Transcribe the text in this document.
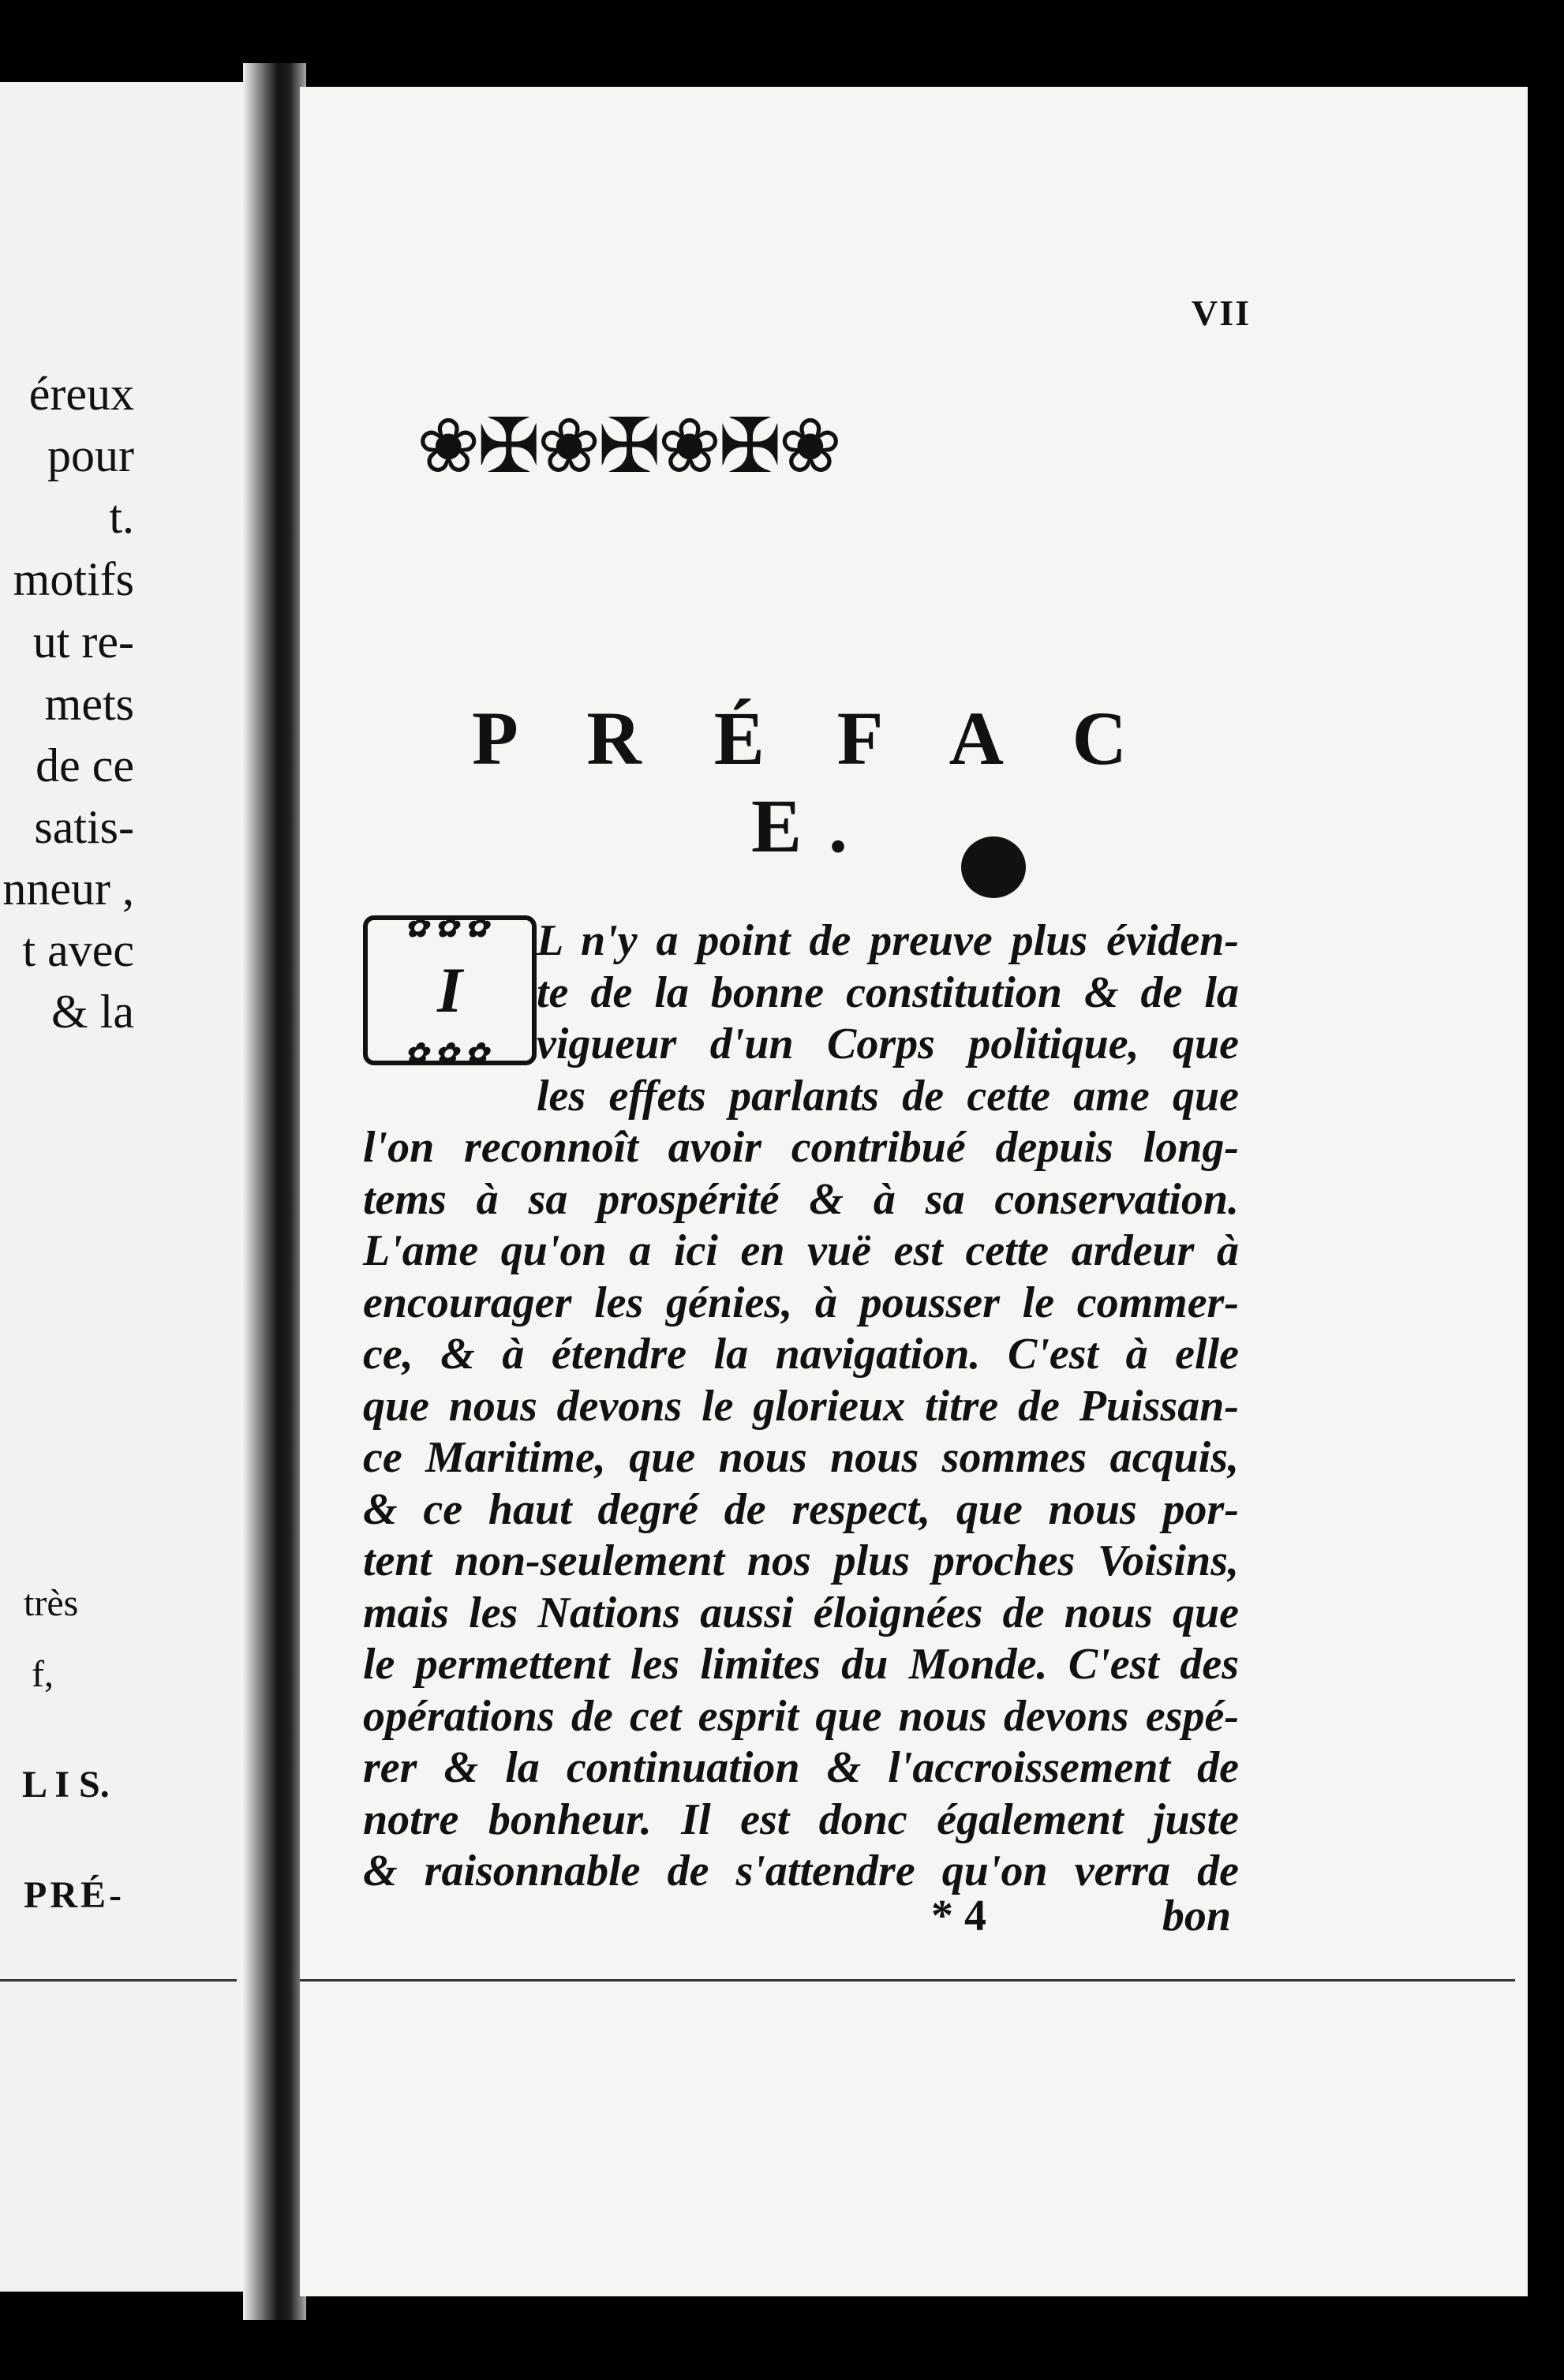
éreux
pour
t.
motifs
ut re-
mets
de ce
satis-
nneur ,
t avec
& la
très
f,
L I S.
PRÉ-
VII
❀✠❀✠❀✠❀
P R É F A C E.
✿✿✿ I
✿✿✿
L n'y a point de preuve plus éviden-
te de la bonne constitution & de la
vigueur d'un Corps politique, que
les effets parlants de cette ame que
l'on reconnoît avoir contribué depuis long-
tems à sa prospérité & à sa conservation.
L'ame qu'on a ici en vuë est cette ardeur à
encourager les génies, à pousser le commer-
ce, & à étendre la navigation. C'est à elle
que nous devons le glorieux titre de Puissan-
ce Maritime, que nous nous sommes acquis,
& ce haut degré de respect, que nous por-
tent non-seulement nos plus proches Voisins,
mais les Nations aussi éloignées de nous que
le permettent les limites du Monde. C'est des
opérations de cet esprit que nous devons espé-
rer & la continuation & l'accroissement de
notre bonheur. Il est donc également juste
& raisonnable de s'attendre qu'on verra de
* 4	bon
